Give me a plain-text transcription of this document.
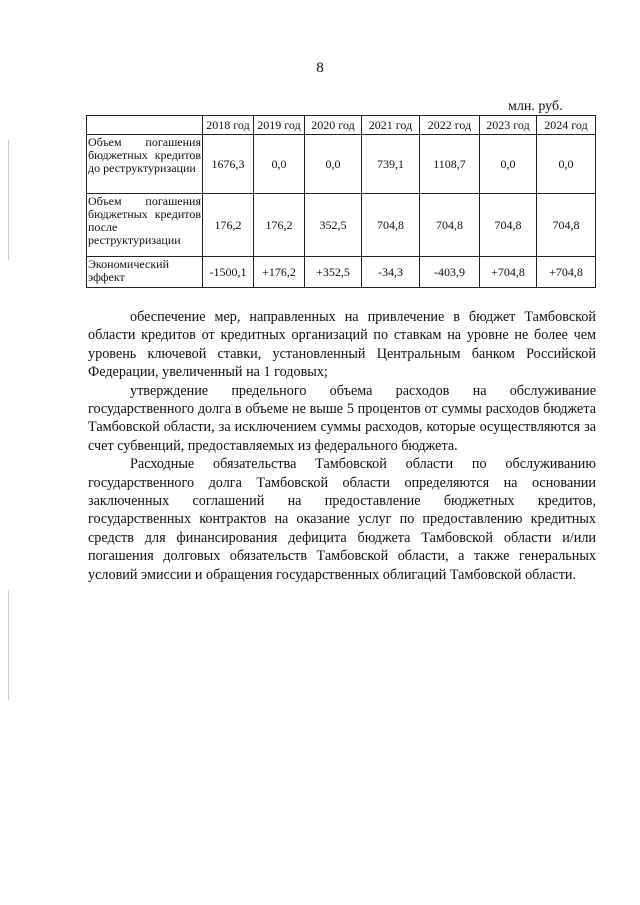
8
млн. руб.
	2018 год	2019 год	2020 год	2021 год	2022 год	2023 год	2024 год
Объем погашения бюджетных кредитов до реструктуризации	1676,3	0,0	0,0	739,1	1108,7	0,0	0,0
Объем погашения бюджетных кредитов после реструктуризации	176,2	176,2	352,5	704,8	704,8	704,8	704,8
Экономический эффект	-1500,1	+176,2	+352,5	-34,3	-403,9	+704,8	+704,8

обеспечение мер, направленных на привлечение в бюджет Тамбовской области кредитов от кредитных организаций по ставкам на уровне не более чем уровень ключевой ставки, установленный Центральным банком Российской Федерации, увеличенный на 1 годовых;

утверждение предельного объема расходов на обслуживание государственного долга в объеме не выше 5 процентов от суммы расходов бюджета Тамбовской области, за исключением суммы расходов, которые осуществляются за счет субвенций, предоставляемых из федерального бюджета.

Расходные обязательства Тамбовской области по обслуживанию государственного долга Тамбовской области определяются на основании заключенных соглашений на предоставление бюджетных кредитов, государственных контрактов на оказание услуг по предоставлению кредитных средств для финансирования дефицита бюджета Тамбовской области и/или погашения долговых обязательств Тамбовской области, а также генеральных условий эмиссии и обращения государственных облигаций Тамбовской области.
